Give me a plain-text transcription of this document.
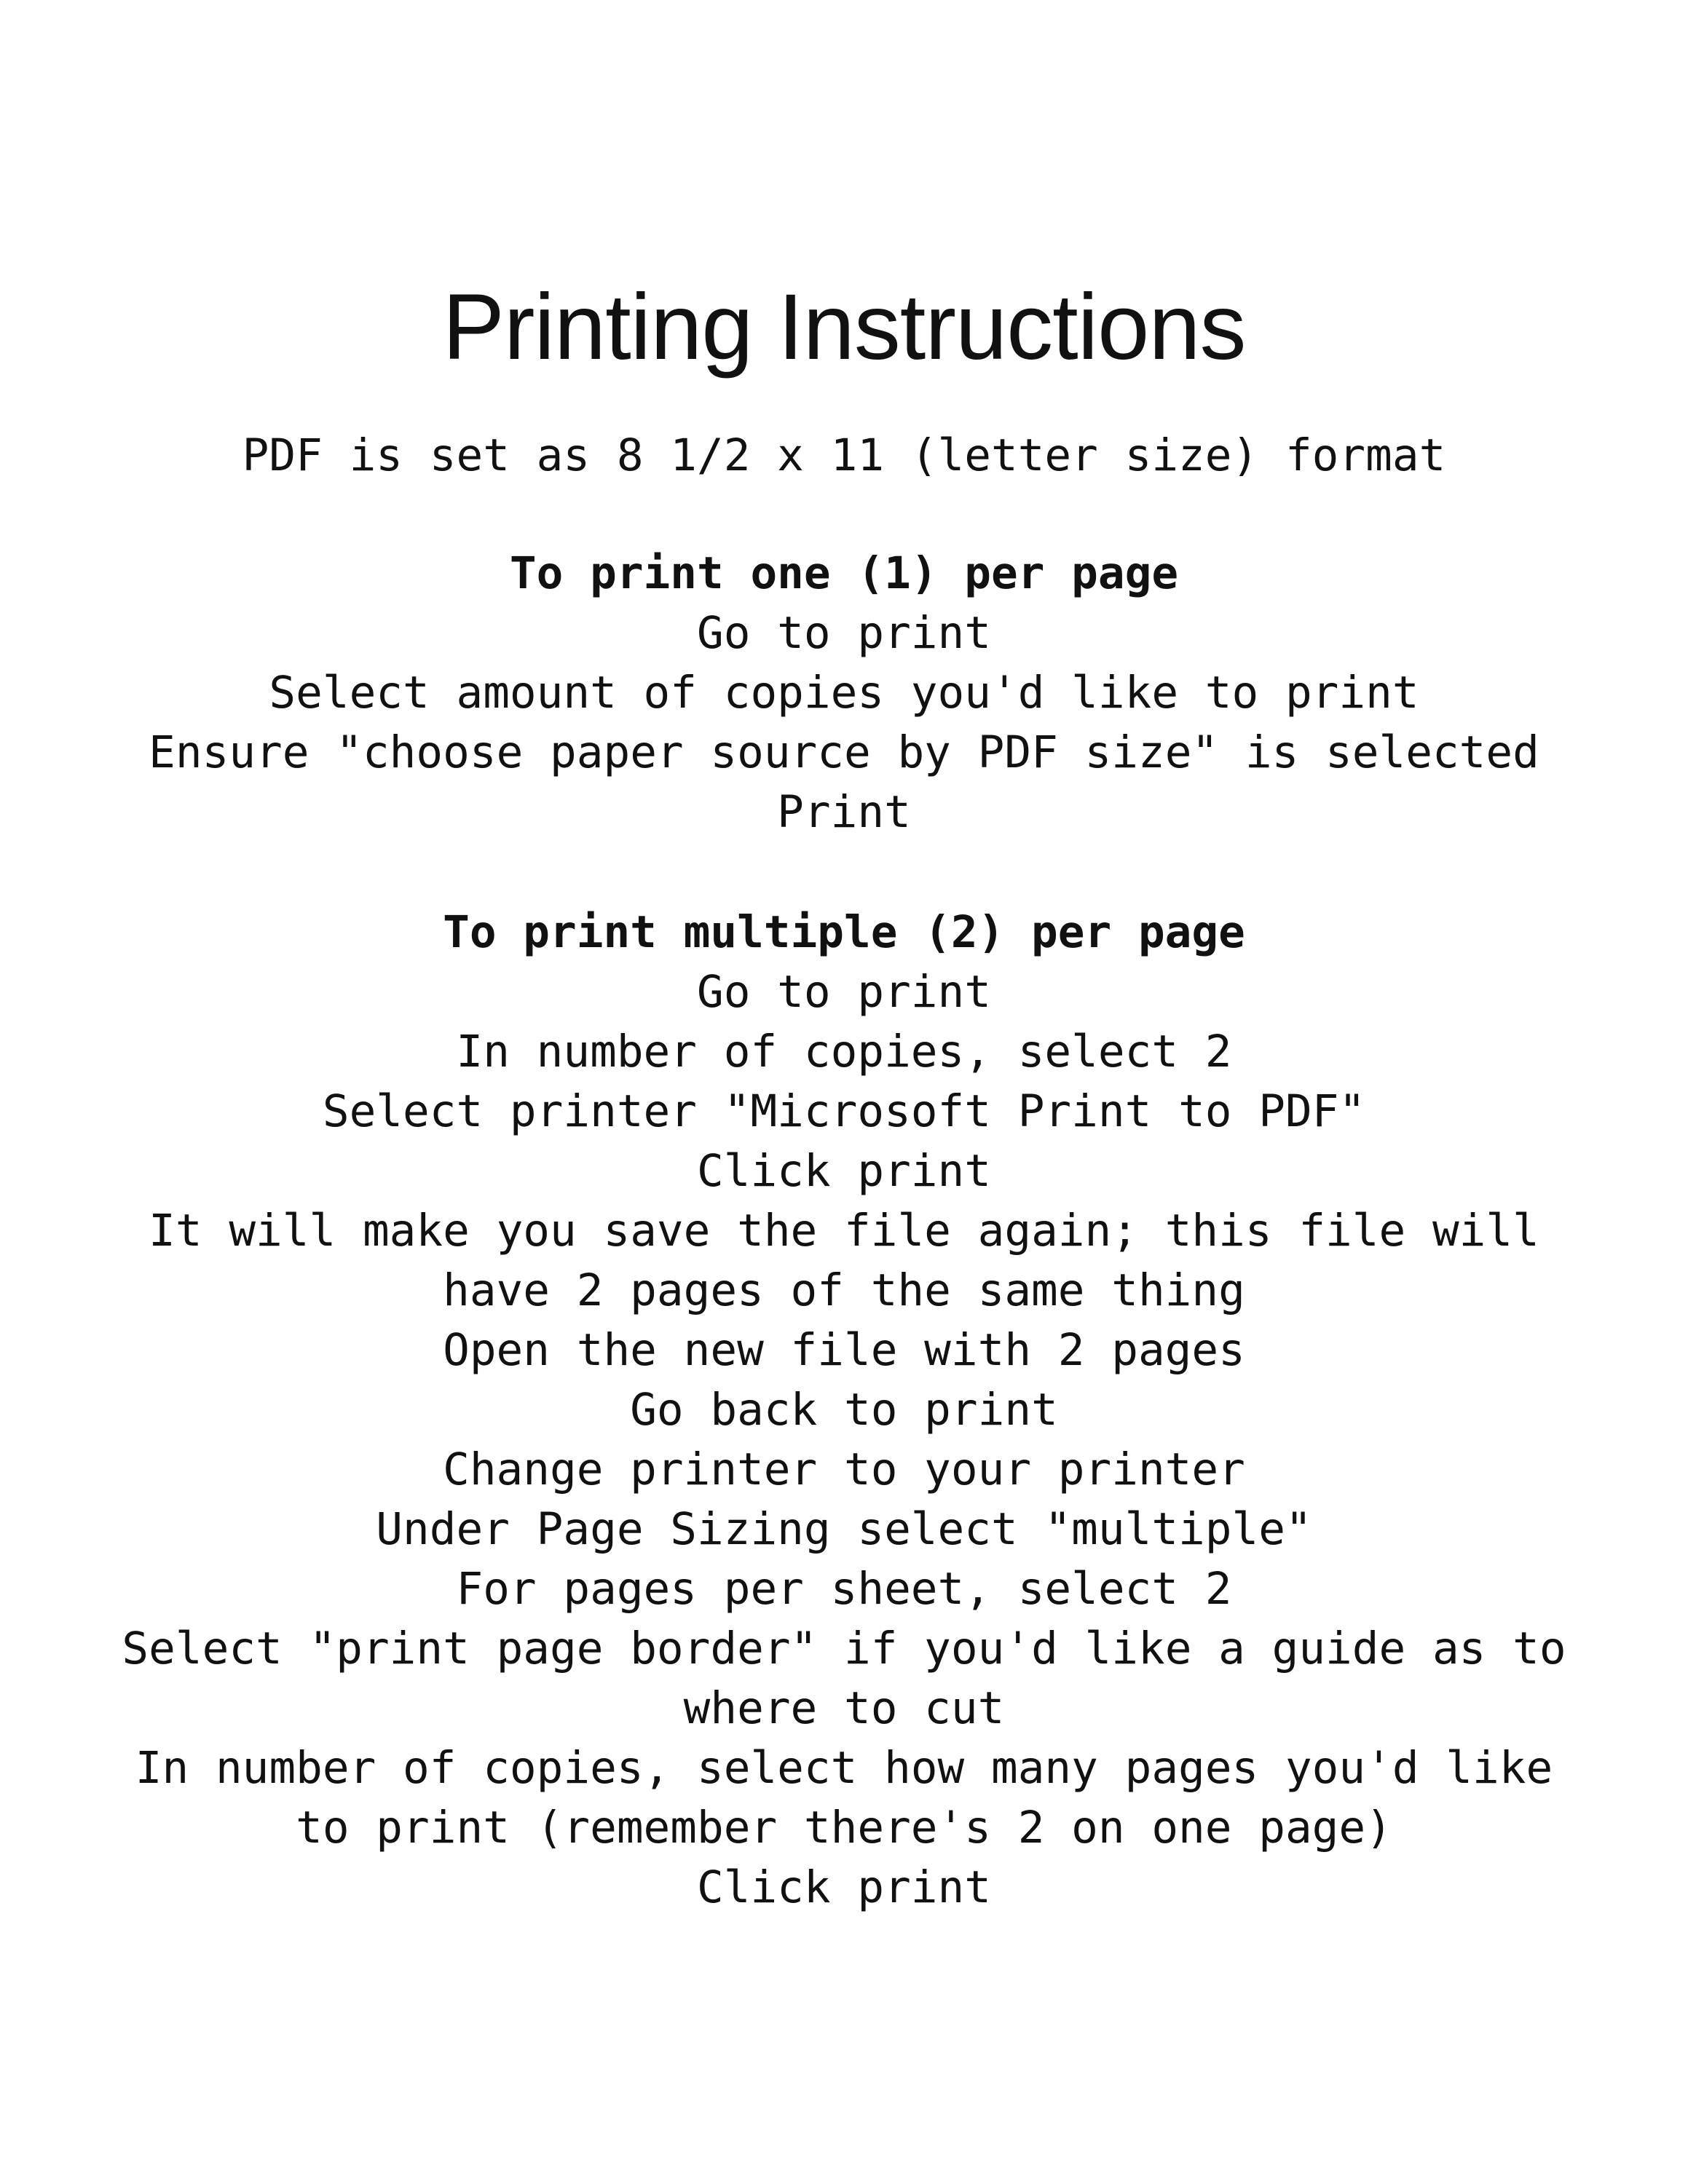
Printing Instructions

PDF is set as 8 1/2 x 11 (letter size) format

To print one (1) per page
Go to print
Select amount of copies you'd like to print
Ensure "choose paper source by PDF size" is selected
Print
To print multiple (2) per page
Go to print
In number of copies, select 2
Select printer "Microsoft Print to PDF"
Click print
It will make you save the file again; this file will have 2 pages of the same thing
Open the new file with 2 pages
Go back to print
Change printer to your printer
Under Page Sizing select "multiple"
For pages per sheet, select 2
Select "print page border" if you'd like a guide as to where to cut
In number of copies, select how many pages you'd like to print (remember there's 2 on one page)
Click print
